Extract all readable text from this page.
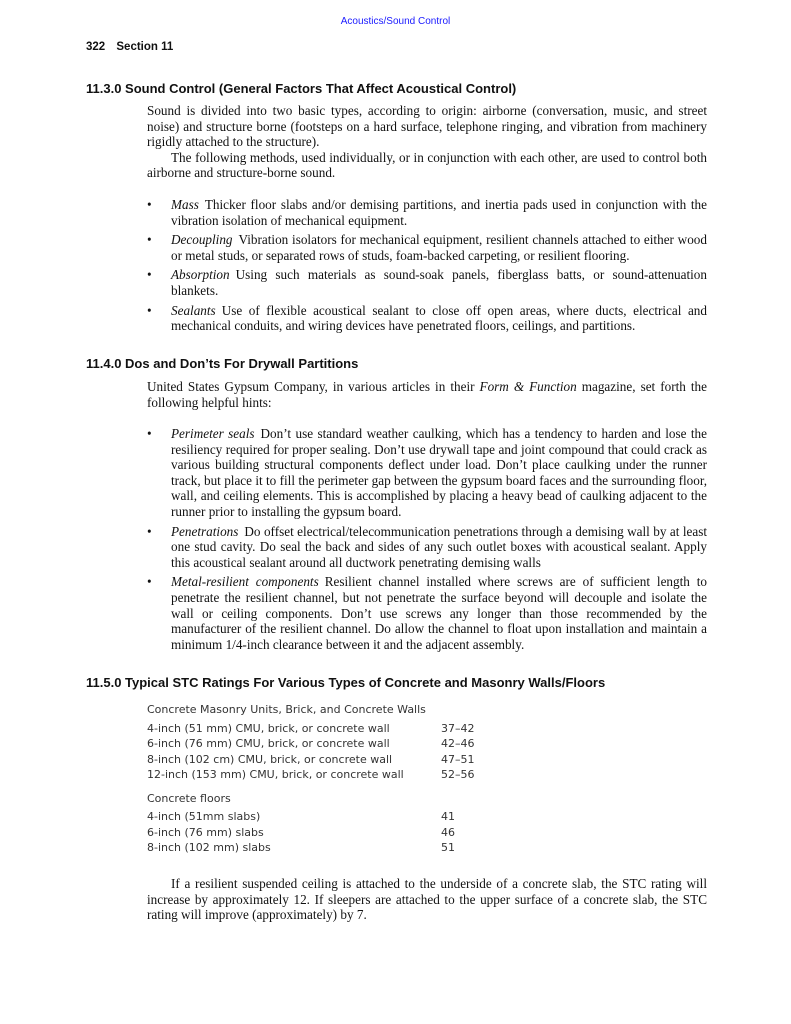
Acoustics/Sound Control
322 Section 11
11.3.0 Sound Control (General Factors That Affect Acoustical Control)

Sound is divided into two basic types, according to origin: airborne (conversation, music, and street noise) and structure borne (footsteps on a hard surface, telephone ringing, and vibration from machinery rigidly attached to the structure).

The following methods, used individually, or in conjunction with each other, are used to control both airborne and structure-borne sound.

• Mass Thicker floor slabs and/or demising partitions, and inertia pads used in conjunction with the vibration isolation of mechanical equipment.
• Decoupling Vibration isolators for mechanical equipment, resilient channels attached to either wood or metal studs, or separated rows of studs, foam-backed carpeting, or resilient flooring.
• Absorption Using such materials as sound-soak panels, fiberglass batts, or sound-attenuation blankets.
• Sealants Use of flexible acoustical sealant to close off open areas, where ducts, electrical and mechanical conduits, and wiring devices have penetrated floors, ceilings, and partitions.
11.4.0 Dos and Don’ts For Drywall Partitions

United States Gypsum Company, in various articles in their Form & Function magazine, set forth the following helpful hints:

• Perimeter seals Don’t use standard weather caulking, which has a tendency to harden and lose the resiliency required for proper sealing. Don’t use drywall tape and joint compound that could crack as various building structural components deflect under load. Don’t place caulking under the runner track, but place it to fill the perimeter gap between the gypsum board faces and the surrounding floor, wall, and ceiling elements. This is accomplished by placing a heavy bead of caulking adjacent to the runner prior to installing the gypsum board.
• Penetrations Do offset electrical/telecommunication penetrations through a demising wall by at least one stud cavity. Do seal the back and sides of any such outlet boxes with acoustical sealant. Apply this acoustical sealant around all ductwork penetrating demising walls
• Metal-resilient components Resilient channel installed where screws are of sufficient length to penetrate the resilient channel, but not penetrate the surface beyond will decouple and isolate the wall or ceiling components. Don’t use screws any longer than those recommended by the manufacturer of the resilient channel. Do allow the channel to float upon installation and maintain a minimum 1/4-inch clearance between it and the adjacent assembly.
11.5.0 Typical STC Ratings For Various Types of Concrete and Masonry Walls/Floors
Concrete Masonry Units, Brick, and Concrete Walls
4-inch (51 mm) CMU, brick, or concrete wall	37–42
6-inch (76 mm) CMU, brick, or concrete wall	42–46
8-inch (102 cm) CMU, brick, or concrete wall	47–51
12-inch (153 mm) CMU, brick, or concrete wall	52–56
Concrete floors
4-inch (51mm slabs)	41
6-inch (76 mm) slabs	46
8-inch (102 mm) slabs	51

If a resilient suspended ceiling is attached to the underside of a concrete slab, the STC rating will increase by approximately 12. If sleepers are attached to the upper surface of a concrete slab, the STC rating will improve (approximately) by 7.
